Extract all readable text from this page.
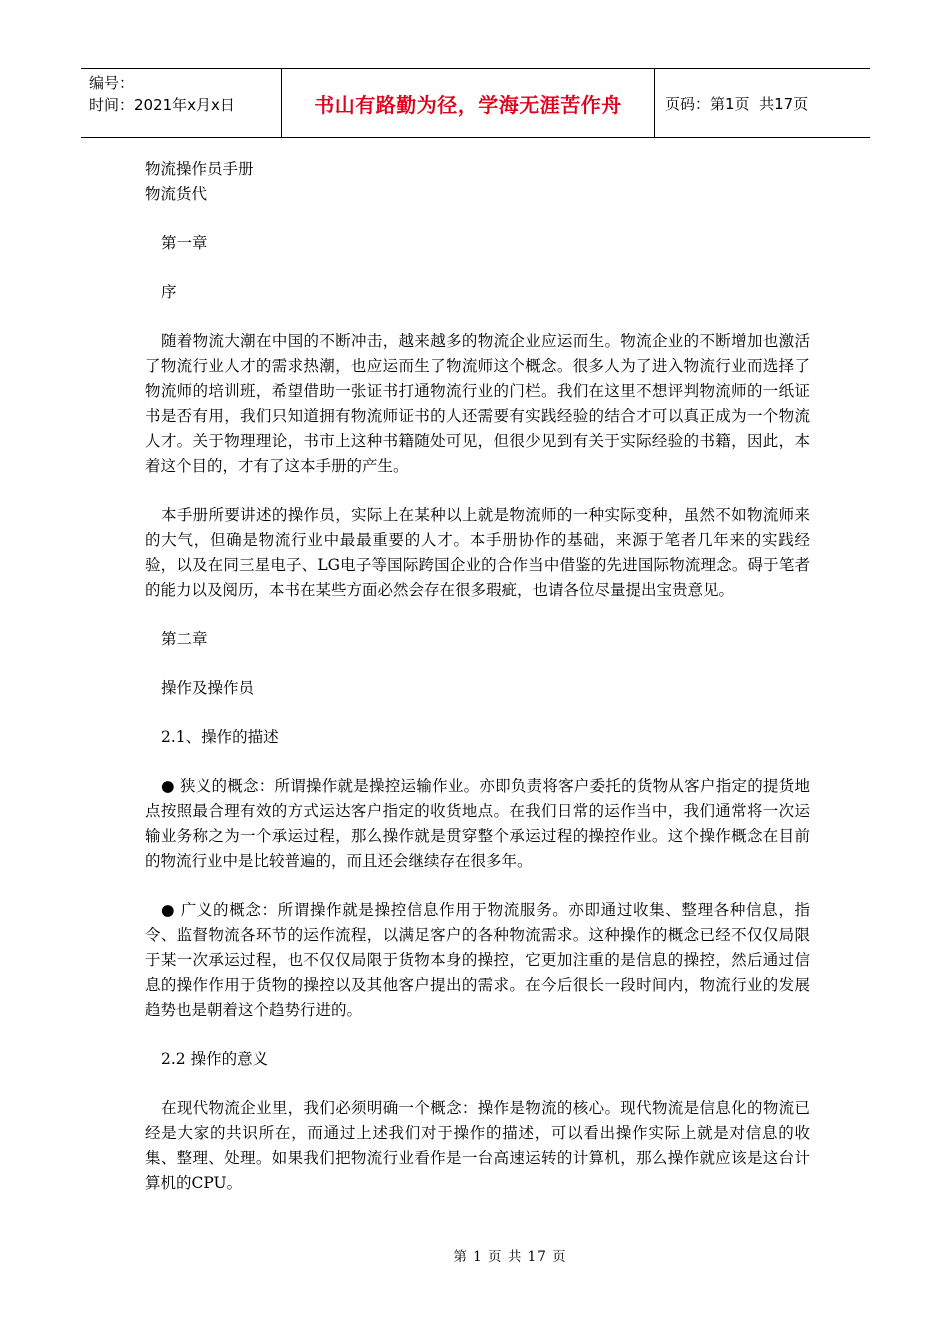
编号：
时间：2021年x月x日	书山有路勤为径，学海无涯苦作舟	页码：第1页  共17页

物流操作员手册

物流货代

第一章

序

随着物流大潮在中国的不断冲击，越来越多的物流企业应运而生。物流企业的不断增加也激活了物流行业人才的需求热潮，也应运而生了物流师这个概念。很多人为了进入物流行业而选择了物流师的培训班，希望借助一张证书打通物流行业的门栏。我们在这里不想评判物流师的一纸证书是否有用，我们只知道拥有物流师证书的人还需要有实践经验的结合才可以真正成为一个物流人才。关于物理理论，书市上这种书籍随处可见，但很少见到有关于实际经验的书籍，因此，本着这个目的，才有了这本手册的产生。

本手册所要讲述的操作员，实际上在某种以上就是物流师的一种实际变种，虽然不如物流师来的大气，但确是物流行业中最最重要的人才。本手册协作的基础，来源于笔者几年来的实践经验，以及在同三星电子、LG电子等国际跨国企业的合作当中借鉴的先进国际物流理念。碍于笔者的能力以及阅历，本书在某些方面必然会存在很多瑕疵，也请各位尽量提出宝贵意见。

第二章

操作及操作员

2.1、操作的描述

● 狭义的概念：所谓操作就是操控运输作业。亦即负责将客户委托的货物从客户指定的提货地点按照最合理有效的方式运达客户指定的收货地点。在我们日常的运作当中，我们通常将一次运输业务称之为一个承运过程，那么操作就是贯穿整个承运过程的操控作业。这个操作概念在目前的物流行业中是比较普遍的，而且还会继续存在很多年。

● 广义的概念：所谓操作就是操控信息作用于物流服务。亦即通过收集、整理各种信息，指令、监督物流各环节的运作流程，以满足客户的各种物流需求。这种操作的概念已经不仅仅局限于某一次承运过程，也不仅仅局限于货物本身的操控，它更加注重的是信息的操控，然后通过信息的操作作用于货物的操控以及其他客户提出的需求。在今后很长一段时间内，物流行业的发展趋势也是朝着这个趋势行进的。

2.2 操作的意义

在现代物流企业里，我们必须明确一个概念：操作是物流的核心。现代物流是信息化的物流已经是大家的共识所在，而通过上述我们对于操作的描述，可以看出操作实际上就是对信息的收集、整理、处理。如果我们把物流行业看作是一台高速运转的计算机，那么操作就应该是这台计算机的CPU。

第 1 页 共 17 页
